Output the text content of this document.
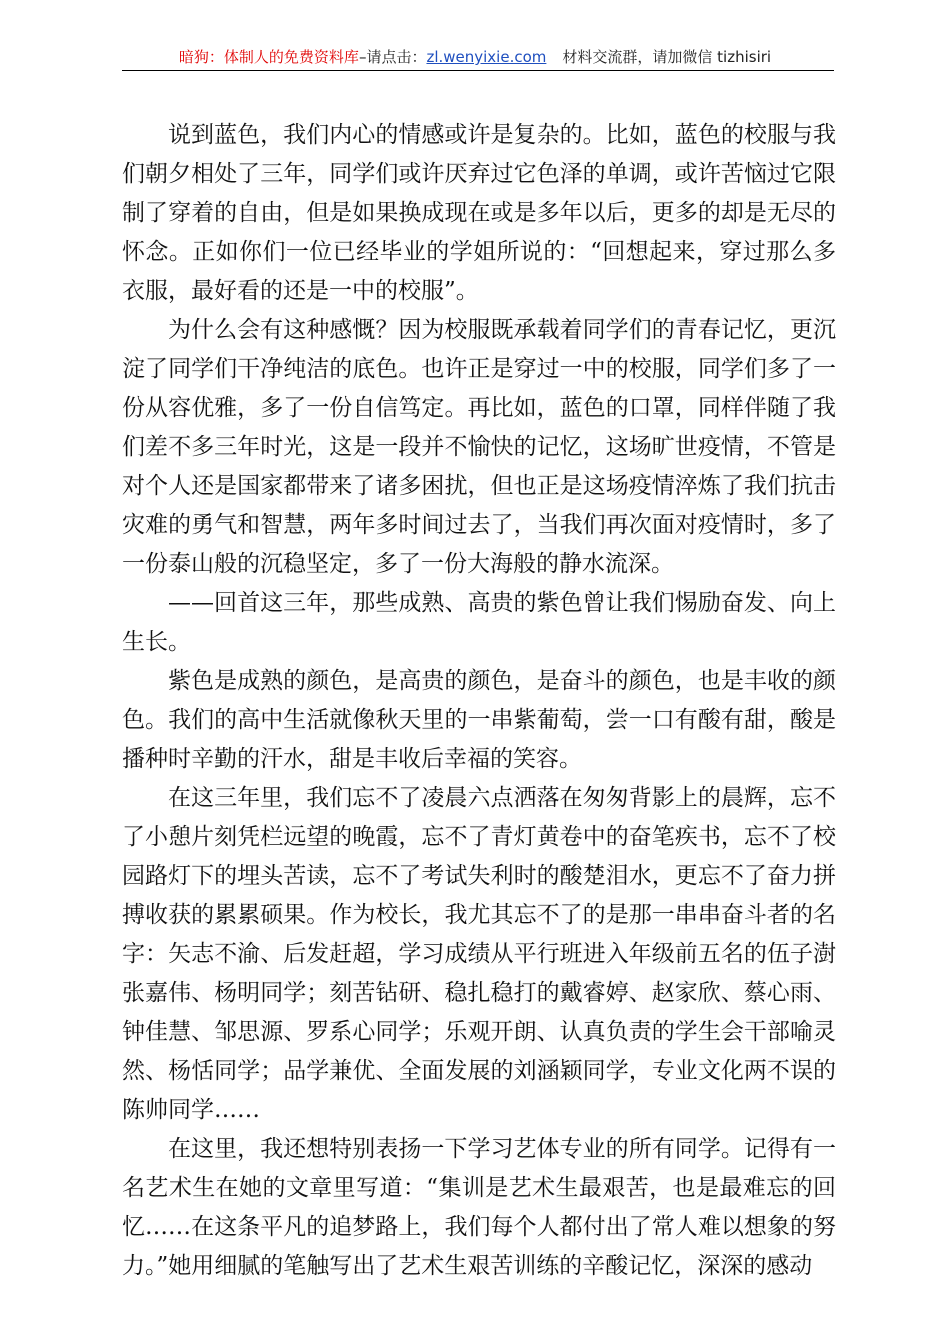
暗狗：体制人的免费资料库–请点击：zl.wenyixie.com 材料交流群，请加微信 tizhisiri

说到蓝色，我们内心的情感或许是复杂的。比如，蓝色的校服与我们朝夕相处了三年，同学们或许厌弃过它色泽的单调，或许苦恼过它限制了穿着的自由，但是如果换成现在或是多年以后，更多的却是无尽的怀念。正如你们一位已经毕业的学姐所说的：“回想起来，穿过那么多衣服，最好看的还是一中的校服”。

为什么会有这种感慨？因为校服既承载着同学们的青春记忆，更沉淀了同学们干净纯洁的底色。也许正是穿过一中的校服，同学们多了一份从容优雅，多了一份自信笃定。再比如，蓝色的口罩，同样伴随了我们差不多三年时光，这是一段并不愉快的记忆，这场旷世疫情，不管是对个人还是国家都带来了诸多困扰，但也正是这场疫情淬炼了我们抗击灾难的勇气和智慧，两年多时间过去了，当我们再次面对疫情时，多了一份泰山般的沉稳坚定，多了一份大海般的静水流深。

——回首这三年，那些成熟、高贵的紫色曾让我们惕励奋发、向上生长。

紫色是成熟的颜色，是高贵的颜色，是奋斗的颜色，也是丰收的颜色。我们的高中生活就像秋天里的一串紫葡萄，尝一口有酸有甜，酸是播种时辛勤的汗水，甜是丰收后幸福的笑容。

在这三年里，我们忘不了凌晨六点洒落在匆匆背影上的晨辉，忘不了小憩片刻凭栏远望的晚霞，忘不了青灯黄卷中的奋笔疾书，忘不了校园路灯下的埋头苦读，忘不了考试失利时的酸楚泪水，更忘不了奋力拼搏收获的累累硕果。作为校长，我尤其忘不了的是那一串串奋斗者的名字：矢志不渝、后发赶超，学习成绩从平行班进入年级前五名的伍子澍张嘉伟、杨明同学；刻苦钻研、稳扎稳打的戴睿婷、赵家欣、蔡心雨、钟佳慧、邹思源、罗系心同学；乐观开朗、认真负责的学生会干部喻灵然、杨恬同学；品学兼优、全面发展的刘涵颖同学，专业文化两不误的陈帅同学……

在这里，我还想特别表扬一下学习艺体专业的所有同学。记得有一名艺术生在她的文章里写道：“集训是艺术生最艰苦，也是最难忘的回忆……在这条平凡的追梦路上，我们每个人都付出了常人难以想象的努力。”她用细腻的笔触写出了艺术生艰苦训练的辛酸记忆，深深的感动
